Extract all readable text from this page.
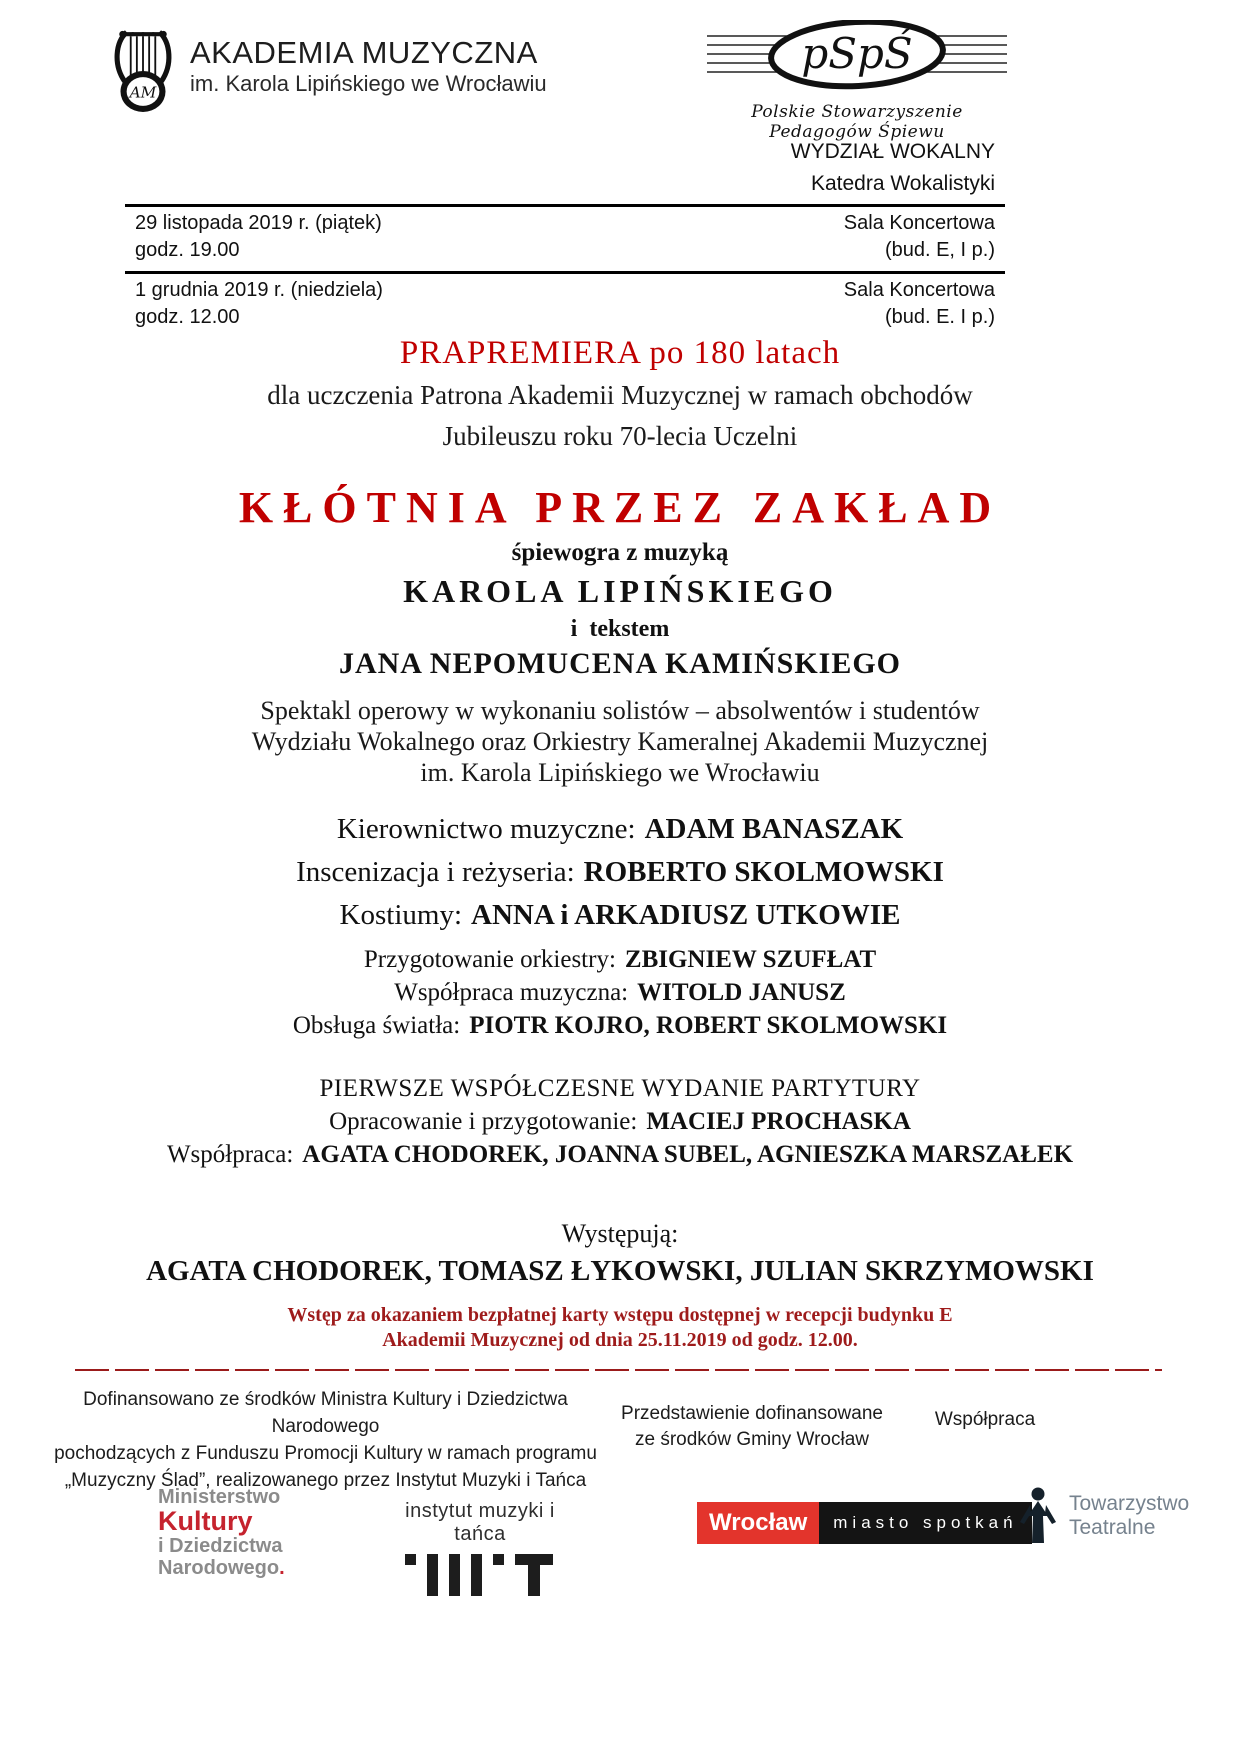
AM
AKADEMIA MUZYCZNA
im. Karola Lipińskiego we Wrocławiu
pSpŚ
Polskie Stowarzyszenie Pedagogów Śpiewu
WYDZIAŁ WOKALNY
Katedra Wokalistyki
29 listopada 2019 r. (piątek)
godz. 19.00
Sala Koncertowa
(bud. E, I p.)
1 grudnia 2019 r. (niedziela)
godz. 12.00
Sala Koncertowa
(bud. E. I p.)
PRAPREMIERA po 180 latach
dla uczczenia Patrona Akademii Muzycznej w ramach obchodów
Jubileuszu roku 70-lecia Uczelni
KŁÓTNIA PRZEZ ZAKŁAD
śpiewogra z muzyką
KAROLA LIPIŃSKIEGO
i tekstem
JANA NEPOMUCENA KAMIŃSKIEGO
Spektakl operowy w wykonaniu solistów – absolwentów i studentów
Wydziału Wokalnego oraz Orkiestry Kameralnej Akademii Muzycznej
im. Karola Lipińskiego we Wrocławiu
Kierownictwo muzyczne: ADAM BANASZAK
Inscenizacja i reżyseria: ROBERTO SKOLMOWSKI
Kostiumy: ANNA i ARKADIUSZ UTKOWIE
Przygotowanie orkiestry: ZBIGNIEW SZUFŁAT
Współpraca muzyczna: WITOLD JANUSZ
Obsługa światła: PIOTR KOJRO, ROBERT SKOLMOWSKI
PIERWSZE WSPÓŁCZESNE WYDANIE PARTYTURY
Opracowanie i przygotowanie: MACIEJ PROCHASKA
Współpraca: AGATA CHODOREK, JOANNA SUBEL, AGNIESZKA MARSZAŁEK
Występują:
AGATA CHODOREK, TOMASZ ŁYKOWSKI, JULIAN SKRZYMOWSKI
Wstęp za okazaniem bezpłatnej karty wstępu dostępnej w recepcji budynku E
Akademii Muzycznej od dnia 25.11.2019 od godz. 12.00.
Dofinansowano ze środków Ministra Kultury i Dziedzictwa Narodowego
pochodzących z Funduszu Promocji Kultury w ramach programu
„Muzyczny Ślad”, realizowanego przez Instytut Muzyki i Tańca
Przedstawienie dofinansowane
ze środków Gminy Wrocław
Współpraca
Ministerstwo
Kultury
i Dziedzictwa
Narodowego.
instytut muzyki i tańca	Wrocław	miasto spotkań
Towarzystwo
Teatralne
